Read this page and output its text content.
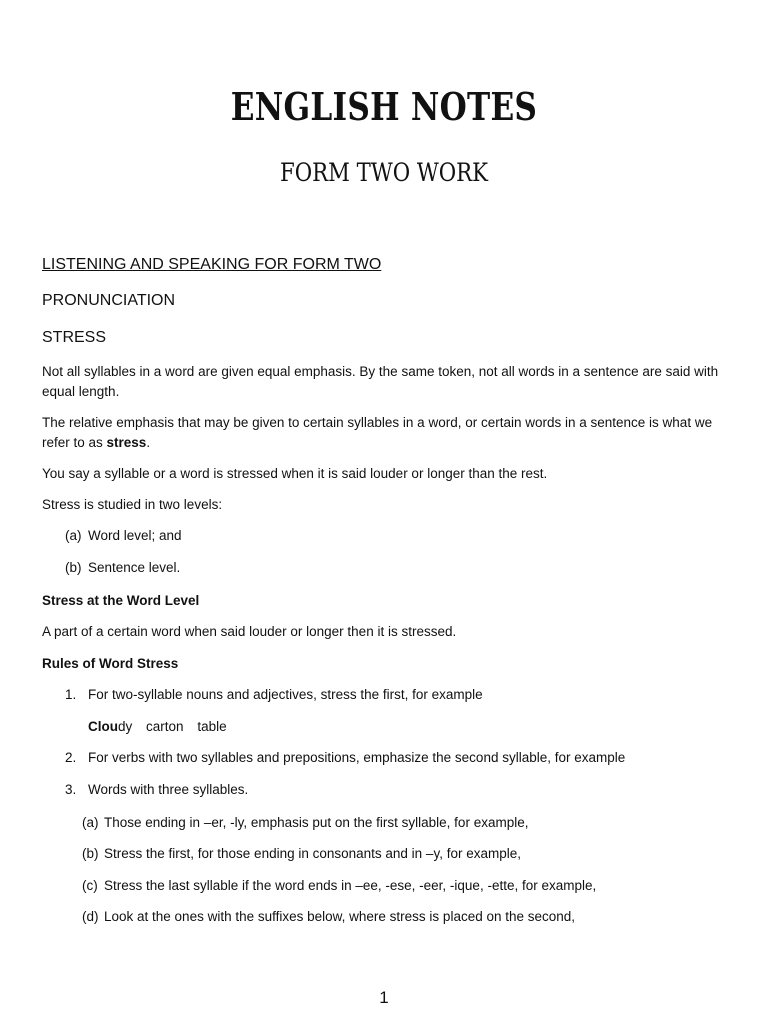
ENGLISH NOTES
FORM TWO WORK
LISTENING AND SPEAKING FOR FORM TWO
PRONUNCIATION
STRESS
Not all syllables in a word are given equal emphasis. By the same token, not all words in a sentence are said with equal length.
The relative emphasis that may be given to certain syllables in a word, or certain words in a sentence is what we refer to as stress.
You say a syllable or a word is stressed when it is said louder or longer than the rest.
Stress is studied in two levels:
(a) Word level; and
(b) Sentence level.
Stress at the Word Level
A part of a certain word when said louder or longer then it is stressed.
Rules of Word Stress
1. For two-syllable nouns and adjectives, stress the first, for example
Cloudy carton table
2. For verbs with two syllables and prepositions, emphasize the second syllable, for example
3. Words with three syllables.
(a) Those ending in –er, -ly, emphasis put on the first syllable, for example,
(b) Stress the first, for those ending in consonants and in –y, for example,
(c) Stress the last syllable if the word ends in –ee, -ese, -eer, -ique, -ette, for example,
(d) Look at the ones with the suffixes below, where stress is placed on the second,
1
